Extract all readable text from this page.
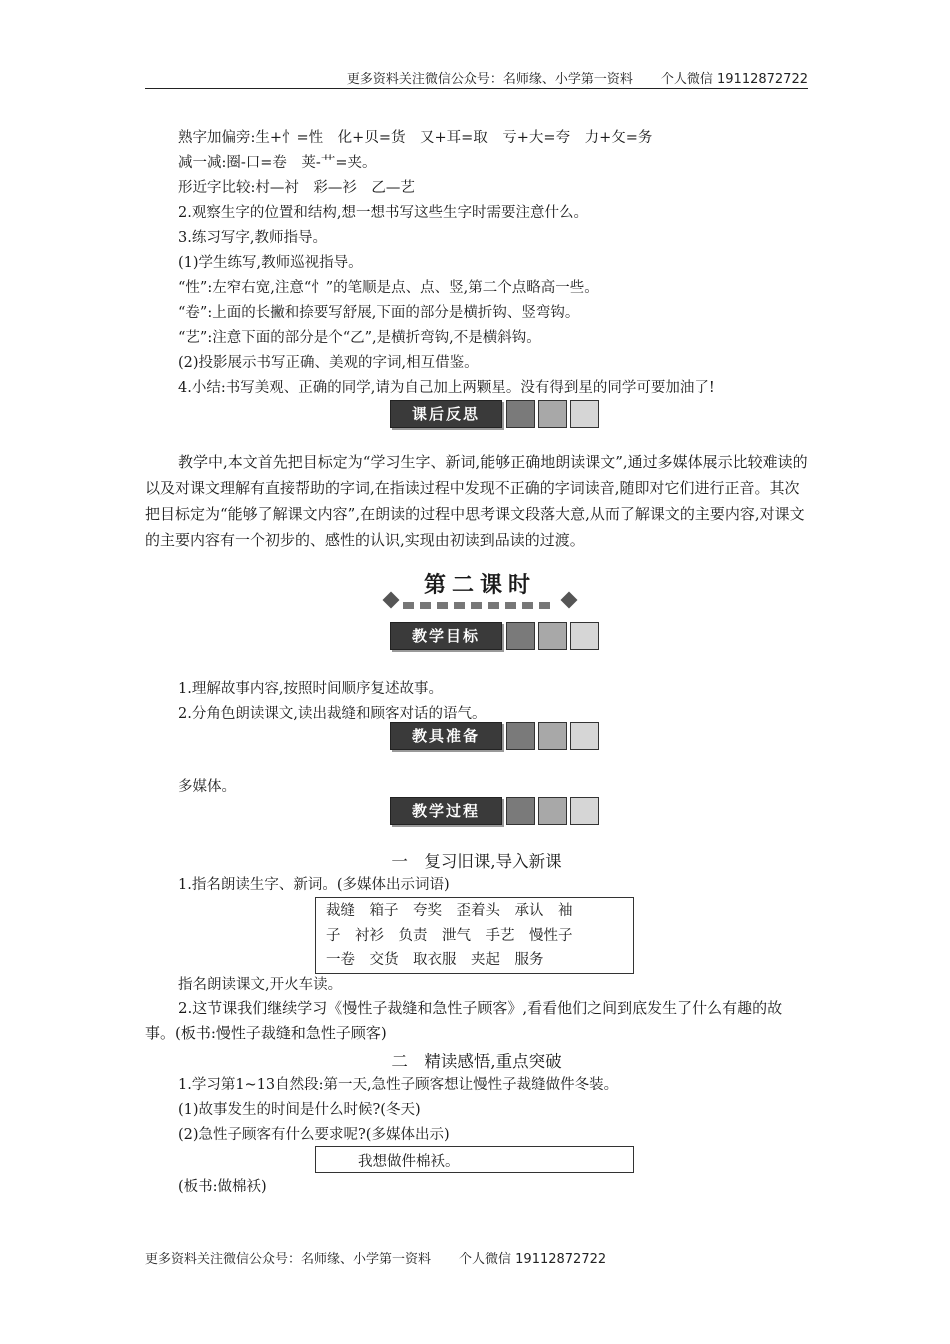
更多资料关注微信公众号：名师缘、小学第一资料 个人微信 19112872722
熟字加偏旁:生+忄=性　化+贝=货　又+耳=取　亏+大=夸　力+攵=务
减一减:圈-口=卷　荚-艹=夹。
形近字比较:村—衬　彩—衫　乙—艺
2.观察生字的位置和结构,想一想书写这些生字时需要注意什么。
3.练习写字,教师指导。
(1)学生练写,教师巡视指导。
“性”:左窄右宽,注意“忄”的笔顺是点、点、竖,第二个点略高一些。
“卷”:上面的长撇和捺要写舒展,下面的部分是横折钩、竖弯钩。
“艺”:注意下面的部分是个“乙”,是横折弯钩,不是横斜钩。
(2)投影展示书写正确、美观的字词,相互借鉴。
4.小结:书写美观、正确的同学,请为自己加上两颗星。没有得到星的同学可要加油了!
课后反思

教学中,本文首先把目标定为“学习生字、新词,能够正确地朗读课文”,通过多媒体展示比较难读的以及对课文理解有直接帮助的字词,在指读过程中发现不正确的字词读音,随即对它们进行正音。其次把目标定为“能够了解课文内容”,在朗读的过程中思考课文段落大意,从而了解课文的主要内容,对课文的主要内容有一个初步的、感性的认识,实现由初读到品读的过渡。

第二课时
教学目标
1.理解故事内容,按照时间顺序复述故事。
2.分角色朗读课文,读出裁缝和顾客对话的语气。
教具准备
多媒体。
教学过程
一　复习旧课,导入新课
1.指名朗读生字、新词。(多媒体出示词语)
裁缝　箱子　夸奖　歪着头　承认　袖
子　衬衫　负责　泄气　手艺　慢性子
一卷　交货　取衣服　夹起　服务
指名朗读课文,开火车读。

2.这节课我们继续学习《慢性子裁缝和急性子顾客》,看看他们之间到底发生了什么有趣的故事。(板书:慢性子裁缝和急性子顾客)

二　精读感悟,重点突破
1.学习第1~13自然段:第一天,急性子顾客想让慢性子裁缝做件冬装。
(1)故事发生的时间是什么时候?(冬天)
(2)急性子顾客有什么要求呢?(多媒体出示)
我想做件棉袄。
(板书:做棉袄)
更多资料关注微信公众号：名师缘、小学第一资料 个人微信 19112872722
